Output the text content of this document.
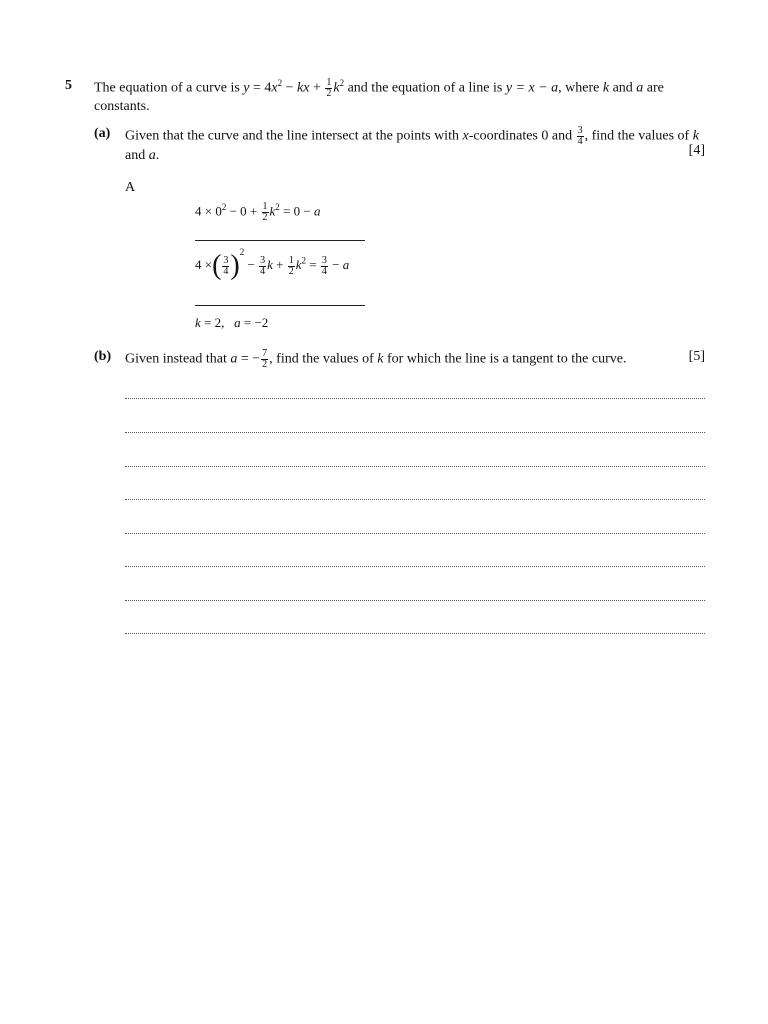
5 The equation of a curve is $y = 4x^2$ − kx + $\frac{1}{2} k^2$ and the equation of a line is y = x − a, where k and a are constants.
(a) Given that the curve and the line intersect at the points with x-coordinates 0 and $\frac{3}{4}$ , find the values of k and a.	[4]
A
$4 \times 0^2 - 0 + \frac{1}{2} k^2 = 0 - a$
4 ×( $\frac{3}{4} )^2 - \frac{3}{4}$ $k + \frac{1}{2} k^2 = \frac{3}{4} - a$
k = 2,   a = −2
(b) Given instead that a = − $\frac{7}{2}$ , find the values of k for which the line is a tangent to the curve.	[5]
